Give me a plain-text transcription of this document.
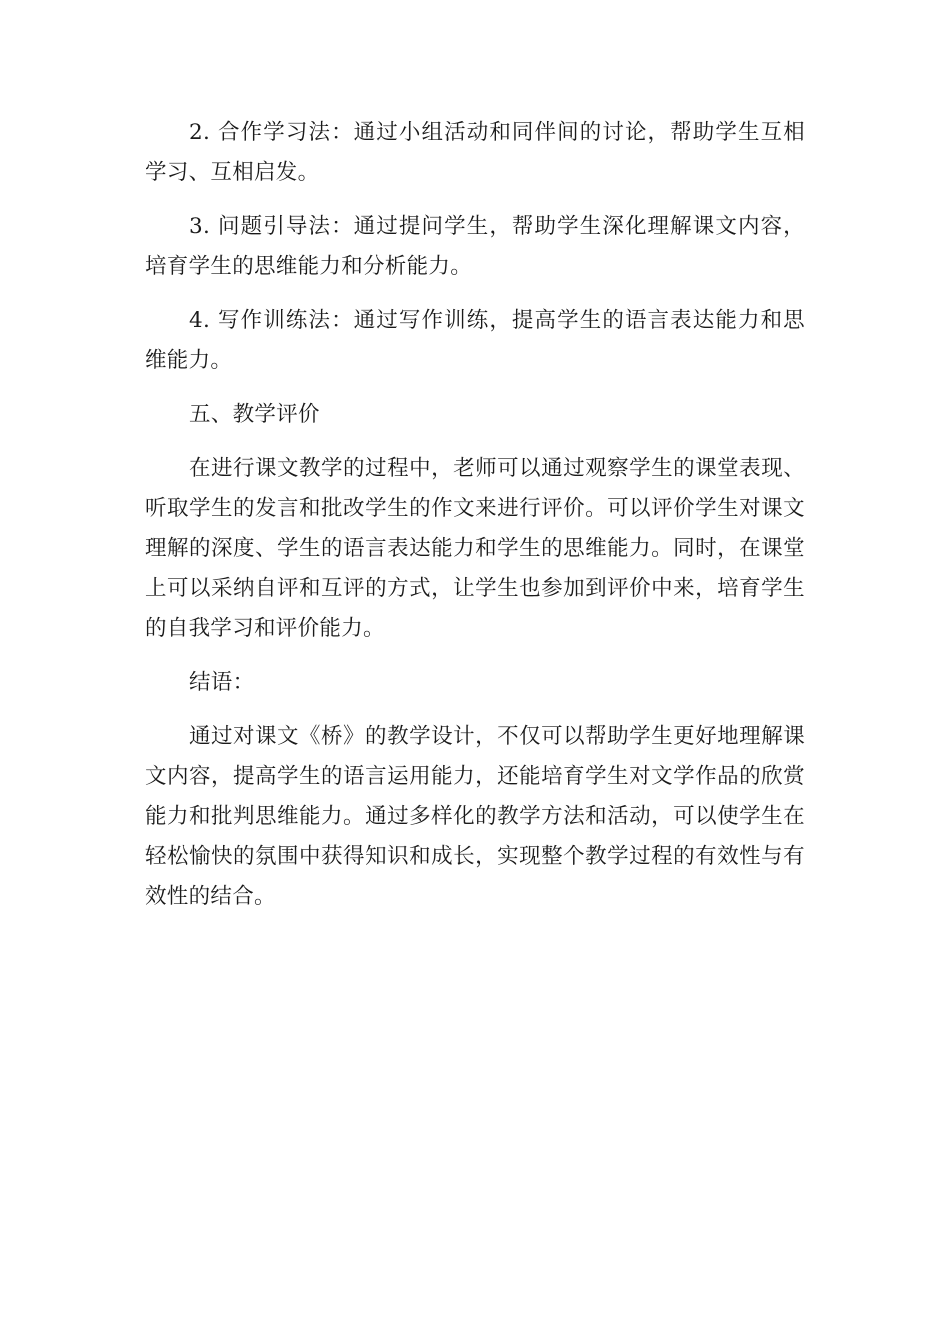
2. 合作学习法：通过小组活动和同伴间的讨论，帮助学生互相学习、互相启发。

3. 问题引导法：通过提问学生，帮助学生深化理解课文内容，培育学生的思维能力和分析能力。

4. 写作训练法：通过写作训练，提高学生的语言表达能力和思维能力。

五、教学评价

在进行课文教学的过程中，老师可以通过观察学生的课堂表现、听取学生的发言和批改学生的作文来进行评价。可以评价学生对课文理解的深度、学生的语言表达能力和学生的思维能力。同时，在课堂上可以采纳自评和互评的方式，让学生也参加到评价中来，培育学生的自我学习和评价能力。

结语：

通过对课文《桥》的教学设计，不仅可以帮助学生更好地理解课文内容，提高学生的语言运用能力，还能培育学生对文学作品的欣赏能力和批判思维能力。通过多样化的教学方法和活动，可以使学生在轻松愉快的氛围中获得知识和成长，实现整个教学过程的有效性与有效性的结合。
